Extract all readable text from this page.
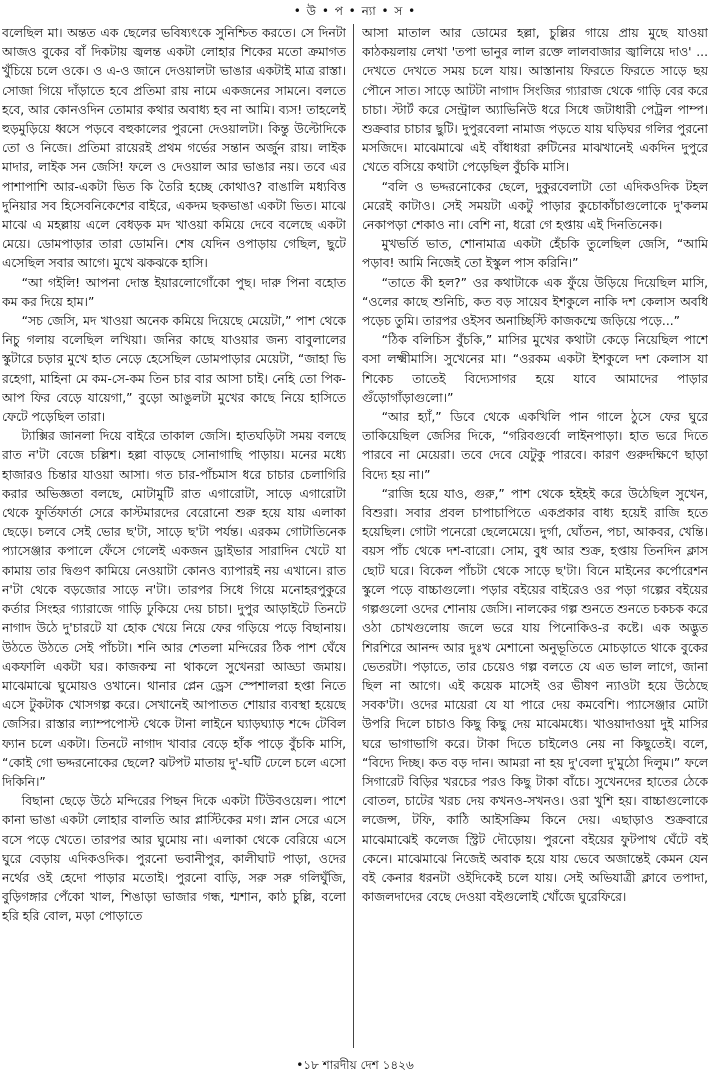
• উ • প • ন্যা • স •

বলেছিল মা। অন্তত এক ছেলের ভবিষ্যৎকে সুনিশ্চিত করতে। সে দিনটা আজও বুকের বাঁ দিকটায় জ্বলন্ত একটা লোহার শিকের মতো ক্রমাগত খুঁচিয়ে চলে ওকে। ও এ-ও জানে দেওয়ালটা ভাঙার একটাই মাত্র রাস্তা। সোজা গিয়ে দাঁড়াতে হবে প্রতিমা রায় নামে একজনের সামনে। বলতে হবে, আর কোনওদিন তোমার কথার অবাধ্য হব না আমি। ব্যস! তাহলেই হুড়মুড়িয়ে ধ্বসে পড়বে বহুকালের পুরনো দেওয়ালটা। কিন্তু উল্টোদিকে তো ও নিজে। প্রতিমা রায়েরই প্রথম গর্ভের সন্তান অর্জুন রায়। লাইক মাদার, লাইক সন জেসি! ফলে ও দেওয়াল আর ভাঙার নয়। তবে এর পাশাপাশি আর-একটা ভিত কি তৈরি হচ্ছে কোথাও? বাঙালি মধ্যবিত্ত দুনিয়ার সব হিসেবনিকেশের বাইরে, একদম ছকভাঙা একটা ভিত। মাঝে মাঝে এ মহল্লায় এলে বেধড়ক মদ খাওয়া কমিয়ে দেবে বলেছে একটা মেয়ে। ডোমপাড়ার তারা ডোমনি। শেষ যেদিন ওপাড়ায় গেছিল, ছুটে এসেছিল সবার আগে। মুখে ঝকঝকে হাসি।

“আ গইলি! আপনা দোস্ত ইয়ারলোগোঁকো পুছ। দারু পিনা বহোত কম কর দিয়ে হাম।”

“সচ জেসি, মদ খাওয়া অনেক কমিয়ে দিয়েছে মেয়েটা,” পাশ থেকে নিচু গলায় বলেছিল লখিয়া। জনির কাছে যাওয়ার জন্য বাবুলালের স্কুটারে চড়ার মুখে হাত নেড়ে হেসেছিল ডোমপাড়ার মেয়েটা, “জাহা ভি রহেগা, মাহিনা মে কম-সে-কম তিন চার বার আসা চাই। নেহি তো পিক-আপ ফির বেড়ে যায়েগা,” বুড়ো আঙুলটা মুখের কাছে নিয়ে হাসিতে ফেটে পড়েছিল তারা।

ট্যাক্সির জানলা দিয়ে বাইরে তাকাল জেসি। হাতঘড়িটা সময় বলছে রাত ন'টা বেজে চল্লিশ। হল্লা বাড়ছে সোনাগাছি পাড়ায়। মনের মধ্যে হাজারও চিন্তার যাওয়া আসা। গত চার-পাঁচমাস ধরে চাচার চেলাগিরি করার অভিজ্ঞতা বলছে, মোটামুটি রাত এগারোটা, সাড়ে এগারোটা থেকে ফুর্তিফার্তা সেরে কাস্টমারদের বেরোনো শুরু হয়ে যায় এলাকা ছেড়ে। চলবে সেই ভোর ছ'টা, সাড়ে ছ'টা পর্যন্ত। এরকম গোটাতিনেক প্যাসেঞ্জার কপালে ফেঁসে গেলেই একজন ড্রাইভার সারাদিন খেটে যা কামায় তার দ্বিগুণ কামিয়ে নেওয়াটা কোনও ব্যাপারই নয় এখানে। রাত ন'টা থেকে বড়জোর সাড়ে ন'টা। তারপর সিধে গিয়ে মনোহরপুকুরে কর্তার সিংহর গ্যারাজে গাড়ি ঢুকিয়ে দেয় চাচা। দুপুর আড়াইটে তিনটে নাগাদ উঠে দু'চারটে যা হোক খেয়ে নিয়ে ফের গড়িয়ে পড়ে বিছানায়। উঠতে উঠতে সেই পাঁচটা। শনি আর শেতলা মন্দিরের ঠিক পাশ ঘেঁষে একফালি একটা ঘর। কাজকম্ম না থাকলে সুখেনরা আড্ডা জমায়। মাঝেমাঝে ঘুমোয়ও ওখানে। থানার প্লেন ড্রেস স্পেশালরা হপ্তা নিতে এসে টুকটাক খোসগল্প করে। সেখানেই আপাতত শোয়ার ব্যবস্থা হয়েছে জেসির। রাস্তার ল্যাম্পপোস্ট থেকে টানা লাইনে ঘ্যাড়ঘ্যাড় শব্দে টেবিল ফ্যান চলে একটা। তিনটে নাগাদ খাবার বেড়ে হাঁক পাড়ে বুঁচকি মাসি, “কোই গো ভদ্দরনোকের ছেলে? ঝটপট মাতায় দু'-ঘটি ঢেলে চলে এসো দিকিনি।”

বিছানা ছেড়ে উঠে মন্দিরের পিছন দিকে একটা টিউবওয়েল। পাশে কানা ভাঙা একটা লোহার বালতি আর প্লাস্টিকের মগ। স্নান সেরে এসে বসে পড়ে খেতে। তারপর আর ঘুমোয় না। এলাকা থেকে বেরিয়ে এসে ঘুরে বেড়ায় এদিকওদিক। পুরনো ভবানীপুর, কালীঘাট পাড়া, ওদের নর্থের ওই হেদো পাড়ার মতোই। পুরনো বাড়ি, সরু সরু গলিঘুঁজি, বুড়িগঙ্গার পেঁকো খাল, শিঙাড়া ভাজার গন্ধ, শ্মশান, কাঠ চুল্লি, বলো হরি হরি বোল, মড়া পোড়াতে

আসা মাতাল আর ডোমের হল্লা, চুল্লির গায়ে প্রায় মুছে যাওয়া কাঠকয়লায় লেখা 'তপা ভানুর লাল রক্তে লালবাজার জ্বালিয়ে দাও' ... দেখতে দেখতে সময় চলে যায়। আস্তানায় ফিরতে ফিরতে সাড়ে ছয় পৌনে সাত। সাড়ে আটটা নাগাদ সিংজির গ্যারাজ থেকে গাড়ি বের করে চাচা। স্টার্ট করে সেন্ট্রাল অ্যাভিনিউ ধরে সিধে জটাধারী পেট্রল পাম্প। শুক্রবার চাচার ছুটি। দুপুরবেলা নামাজ পড়তে যায় ঘড়িঘর গলির পুরনো মসজিদে। মাঝেমাঝে এই বাঁধাধরা রুটিনের মাঝখানেই একদিন দুপুরে খেতে বসিয়ে কথাটা পেড়েছিল বুঁচকি মাসি।

“বলি ও ভদ্দরনোকের ছেলে, দুকুরবেলাটা তো এদিকওদিক টহল মেরেই কাটাও। সেই সময়টা একটু পাড়ার কুচোকাঁচাগুলোকে দু'কলম নেকাপড়া শেকাও না। বেশি না, ধরো গে হপ্তায় এই দিনতিনেক।

মুখভর্তি ভাত, শোনামাত্র একটা হেঁচকি তুলেছিল জেসি, “আমি পড়াব! আমি নিজেই তো ইস্কুল পাস করিনি।”

“তাতে কী হল?” ওর কথাটাকে এক ফুঁয়ে উড়িয়ে দিয়েছিল মাসি, “ওলের কাছে শুনিচি, কত বড় সায়েব ইশকুলে নাকি দশ কেলাস অবধি পড়েচ তুমি। তারপর ওইসব অনাচ্ছিস্টি কাজকম্মে জড়িয়ে পড়ে...”

“ঠিক বলিচিস বুঁচকি,” মাসির মুখের কথাটা কেড়ে নিয়েছিল পাশে বসা লক্ষ্মীমাসি। সুখেনের মা। “ওরকম একটা ইশকুলে দশ কেলাস যা শিকেচ তাতেই বিদ্যেসাগর হয়ে যাবে আমাদের পাড়ার গুঁড়োগাঁড়াগুলো।”

“আর হ্যাঁ,” ডিবে থেকে একখিলি পান গালে ঠুসে ফের ঘুরে তাকিয়েছিল জেসির দিকে, “গরিবগুর্বো লাইনপাড়া। হাত ভরে দিতে পারবে না মেয়েরা। তবে দেবে যেটুকু পারবে। কারণ গুরুদক্ষিণে ছাড়া বিদ্যে হয় না।”

“রাজি হয়ে যাও, গুরু,” পাশ থেকে হইহই করে উঠেছিল সুখেন, বিশুরা। সবার প্রবল চাপাচাপিতে একপ্রকার বাধ্য হয়েই রাজি হতে হয়েছিল। গোটা পনেরো ছেলেমেয়ে। দুর্গা, ঘোঁতন, পচা, আকবর, খেন্তি। বয়স পাঁচ থেকে দশ-বারো। সোম, বুধ আর শুক্র, হপ্তায় তিনদিন ক্লাস ছোট ঘরে। বিকেল পাঁচটা থেকে সাড়ে ছ'টা। বিনে মাইনের কর্পোরেশন স্কুলে পড়ে বাচ্চাগুলো। পড়ার বইয়ের বাইরেও ওর পড়া গল্পের বইয়ের গল্পগুলো ওদের শোনায় জেসি। নালকের গল্প শুনতে শুনতে চকচক করে ওঠা চোখগুলোয় জলে ভরে যায় পিনোকিও-র কষ্টে। এক অদ্ভুত শিরশিরে আনন্দ আর দুঃখ মেশানো অনুভূতিতে মোচড়াতে থাকে বুকের ভেতরটা। পড়াতে, তার চেয়েও গল্প বলতে যে এত ভাল লাগে, জানা ছিল না আগে। এই কয়েক মাসেই ওর ভীষণ ন্যাওটা হয়ে উঠেছে সবক'টা। ওদের মায়েরা যে যা পারে দেয় কমবেশি। প্যাসেঞ্জার মোটা উপরি দিলে চাচাও কিছু কিছু দেয় মাঝেমধ্যে। খাওয়াদাওয়া দুই মাসির ঘরে ভাগাভাগি করে। টাকা দিতে চাইলেও নেয় না কিছুতেই। বলে, “বিদ্যে দিচ্ছ। কত বড় দান। আমরা না হয় দু'বেলা দু'মুঠো দিলুম।” ফলে সিগারেট বিড়ির খরচের পরও কিছু টাকা বাঁচে। সুখেনদের হাতের ঠেকে বোতল, চাটের খরচ দেয় কখনও-সখনও। ওরা খুশি হয়। বাচ্চাগুলোকে লজেন্স, টফি, কাঠি আইসক্রিম কিনে দেয়। এছাড়াও শুক্রবারে মাঝেমাঝেই কলেজ স্ট্রিট দৌড়োয়। পুরনো বইয়ের ফুটপাথ ঘেঁটে বই কেনে। মাঝেমাঝে নিজেই অবাক হয়ে যায় ভেবে অজান্তেই কেমন যেন বই কেনার ধরনটা ওইদিকেই চলে যায়। সেই অভিযাত্রী ক্লাবে তপাদা, কাজলদাদের বেছে দেওয়া বইগুলোই খোঁজে ঘুরেফিরে।

•১৮ শারদীয় দেশ ১৪২৬
